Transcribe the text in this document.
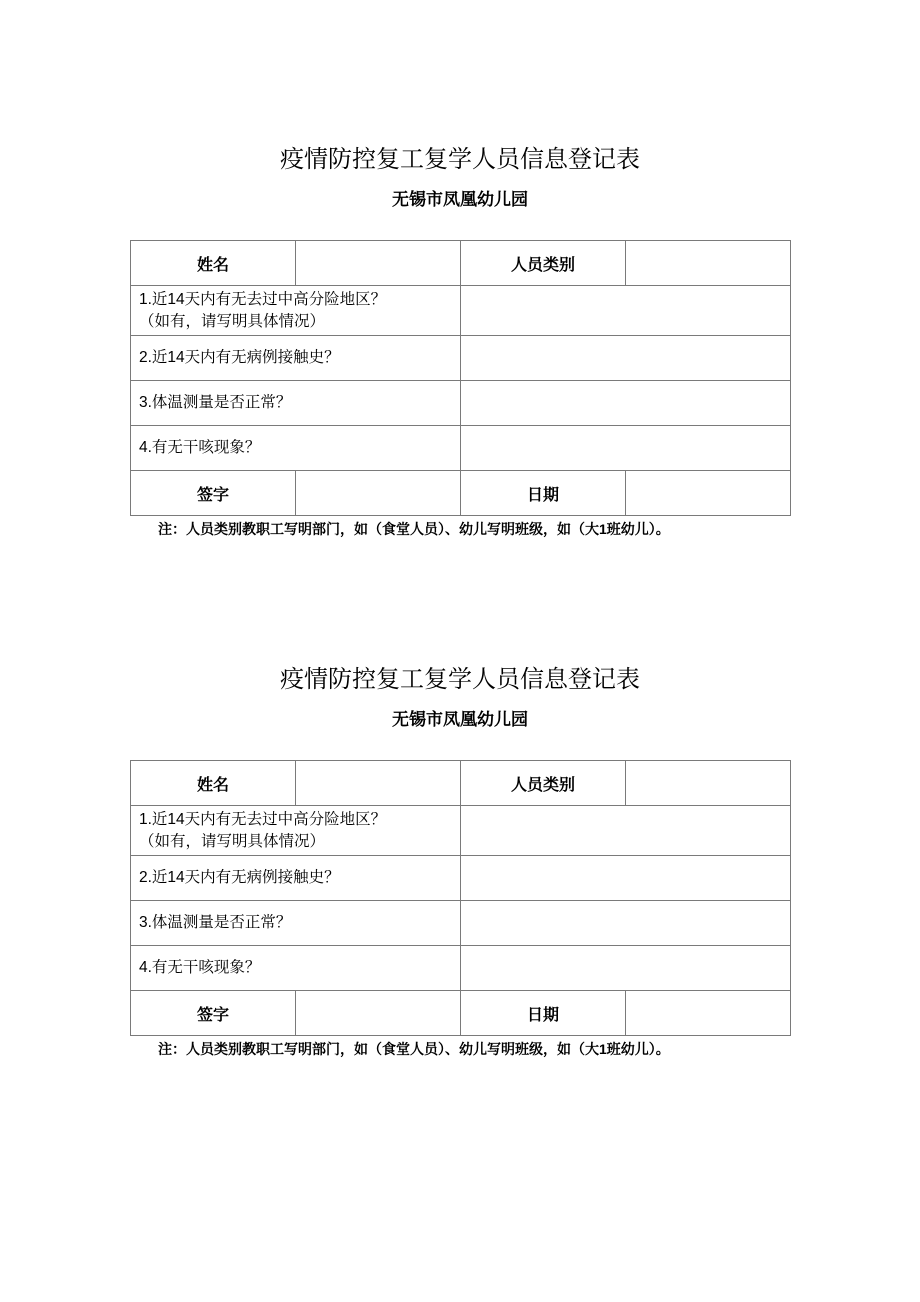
疫情防控复工复学人员信息登记表
无锡市凤凰幼儿园
姓名		人员类别	
1.近14天内有无去过中高分险地区？
（如有，请写明具体情况）			
2.近14天内有无病例接触史？			
3.体温测量是否正常？			
4.有无干咳现象？			
签字		日期	
注：人员类别教职工写明部门，如（食堂人员）、幼儿写明班级，如（大1班幼儿）。
疫情防控复工复学人员信息登记表
无锡市凤凰幼儿园
姓名		人员类别	
1.近14天内有无去过中高分险地区？
（如有，请写明具体情况）			
2.近14天内有无病例接触史？			
3.体温测量是否正常？			
4.有无干咳现象？			
签字		日期	
注：人员类别教职工写明部门，如（食堂人员）、幼儿写明班级，如（大1班幼儿）。
